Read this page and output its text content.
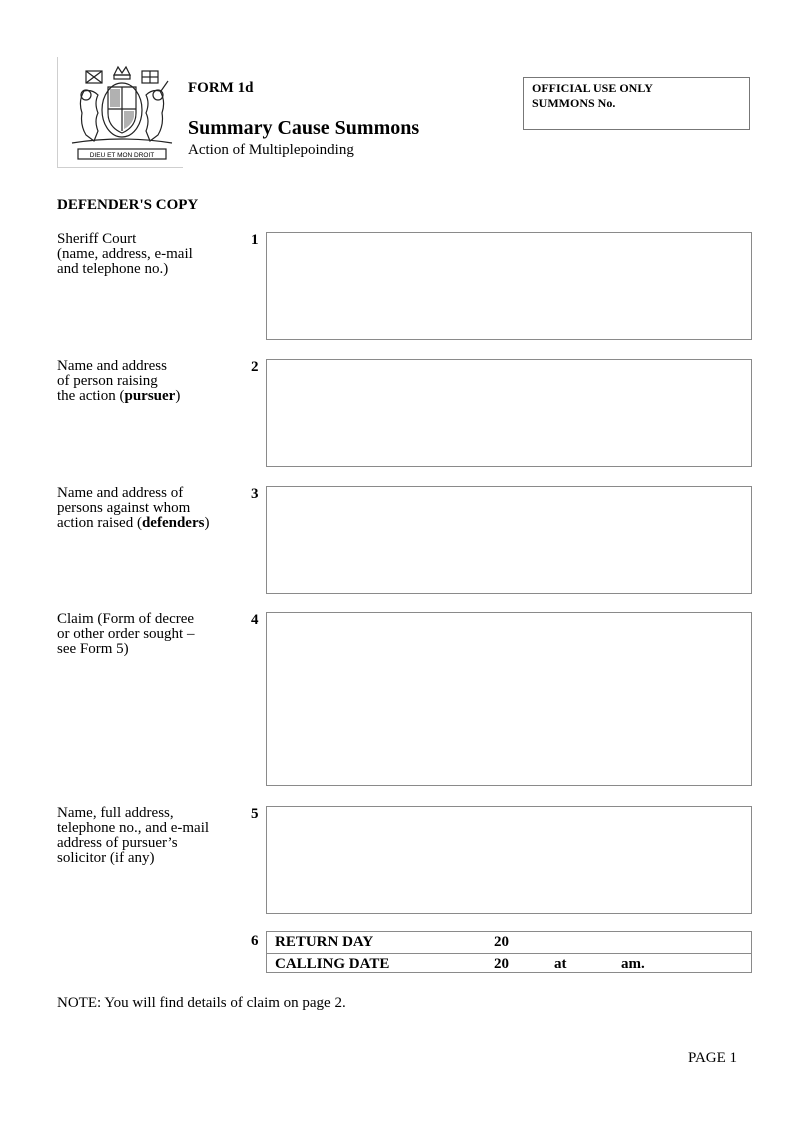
DIEU ET MON DROIT
FORM 1d
Summary Cause Summons
Action of Multiplepoinding
OFFICIAL USE ONLY
SUMMONS No.
DEFENDER'S COPY
Sheriff Court
(name, address, e-mail
and telephone no.)
1
Name and address
of person raising
the action (pursuer)
2
Name and address of
persons against whom
action raised (defenders)
3
Claim (Form of decree
or other order sought –
see Form 5)
4
Name, full address,
telephone no., and e-mail
address of pursuer’s
solicitor (if any)
5
6 RETURN DAY	20
CALLING DATE	20	at	am.
NOTE: You will find details of claim on page 2.
PAGE 1
